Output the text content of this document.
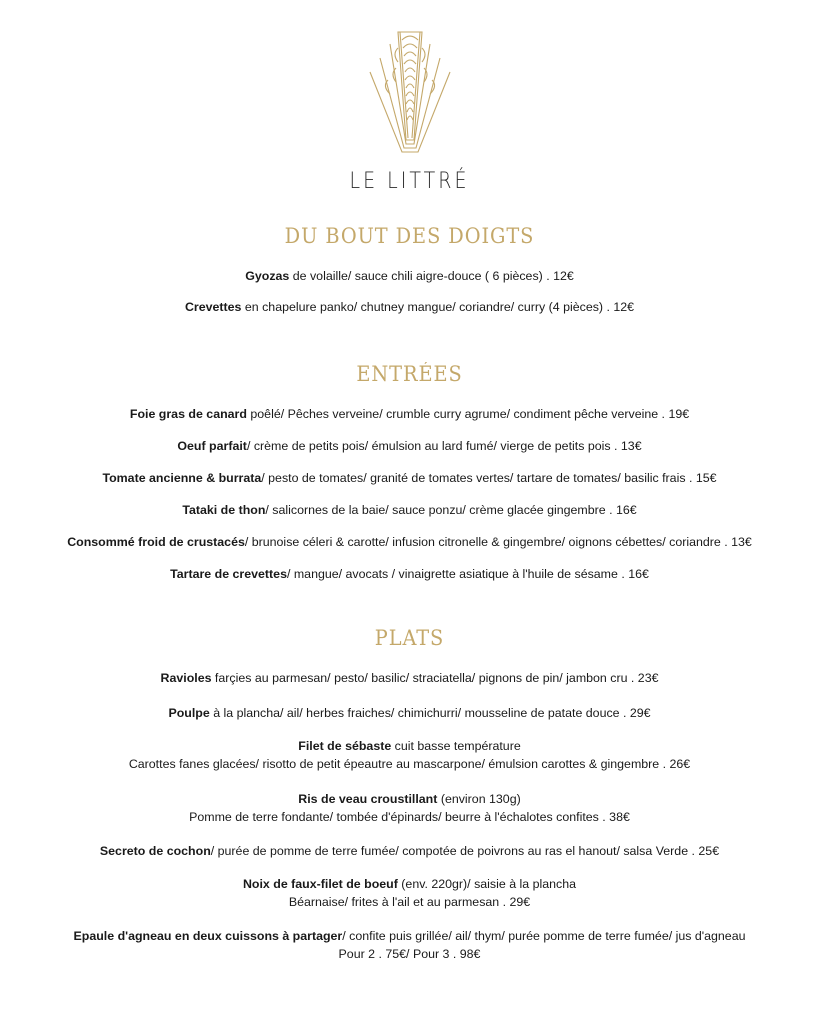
LE LITTRÉ
DU BOUT DES DOIGTS
Gyozas de volaille/ sauce chili aigre-douce ( 6 pièces) . 12€
Crevettes en chapelure panko/ chutney mangue/ coriandre/ curry (4 pièces) . 12€
ENTRÉES
Foie gras de canard poêlé/ Pêches verveine/ crumble curry agrume/ condiment pêche verveine . 19€
Oeuf parfait/ crème de petits pois/ émulsion au lard fumé/ vierge de petits pois . 13€
Tomate ancienne & burrata/ pesto de tomates/ granité de tomates vertes/ tartare de tomates/ basilic frais . 15€
Tataki de thon/ salicornes de la baie/ sauce ponzu/ crème glacée gingembre . 16€
Consommé froid de crustacés/ brunoise céleri & carotte/ infusion citronelle & gingembre/ oignons cébettes/ coriandre . 13€
Tartare de crevettes/ mangue/ avocats / vinaigrette asiatique à l'huile de sésame . 16€
PLATS
Ravioles farçies au parmesan/ pesto/ basilic/ straciatella/ pignons de pin/ jambon cru . 23€
Poulpe à la plancha/ ail/ herbes fraiches/ chimichurri/ mousseline de patate douce . 29€
Filet de sébaste cuit basse température
Carottes fanes glacées/ risotto de petit épeautre au mascarpone/ émulsion carottes & gingembre . 26€
Ris de veau croustillant (environ 130g)
Pomme de terre fondante/ tombée d'épinards/ beurre à l'échalotes confites . 38€
Secreto de cochon/ purée de pomme de terre fumée/ compotée de poivrons au ras el hanout/ salsa Verde . 25€
Noix de faux-filet de boeuf (env. 220gr)/ saisie à la plancha
Béarnaise/ frites à l'ail et au parmesan . 29€
Epaule d'agneau en deux cuissons à partager/ confite puis grillée/ ail/ thym/ purée pomme de terre fumée/ jus d'agneau
Pour 2 . 75€/ Pour 3 . 98€
